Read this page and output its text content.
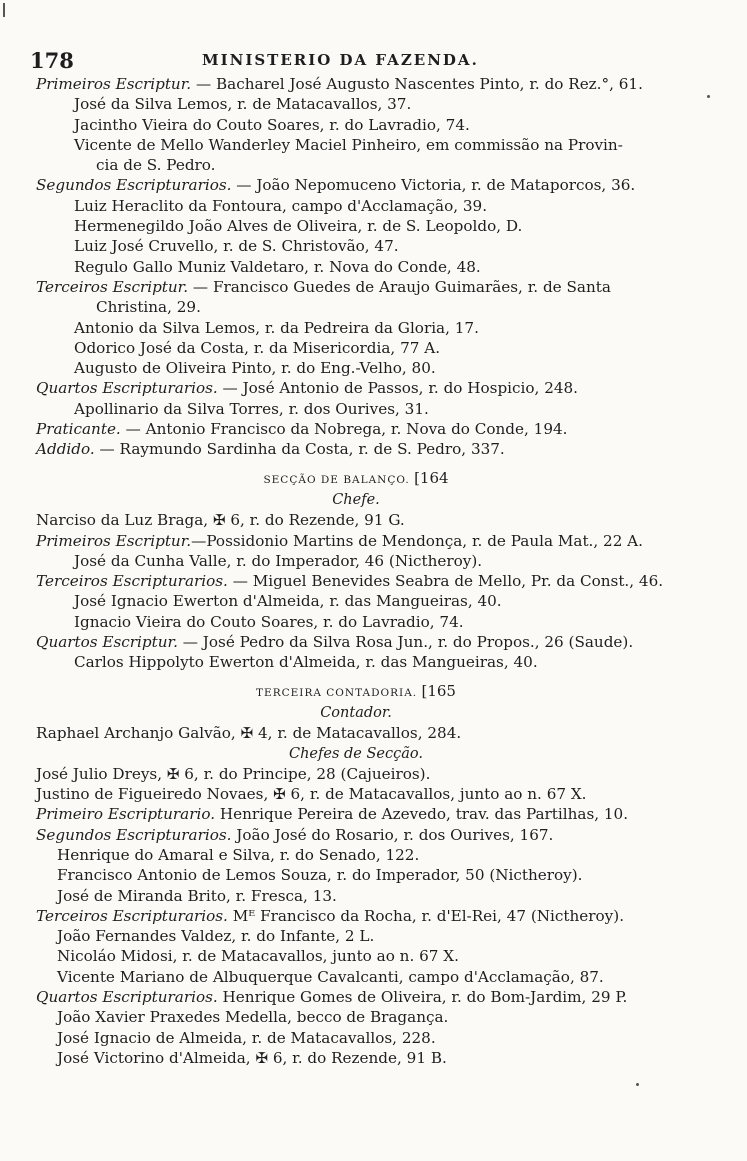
178	MINISTERIO DA FAZENDA.
Primeiros Escriptur. — Bacharel José Augusto Nascentes Pinto, r. do Rez.°, 61.
José da Silva Lemos, r. de Matacavallos, 37.
Jacintho Vieira do Couto Soares, r. do Lavradio, 74.
Vicente de Mello Wanderley Maciel Pinheiro, em commissão na Provin-
cia de S. Pedro.
Segundos Escripturarios. — João Nepomuceno Victoria, r. de Mataporcos, 36.
Luiz Heraclito da Fontoura, campo d'Acclamação, 39.
Hermenegildo João Alves de Oliveira, r. de S. Leopoldo, D.
Luiz José Cruvello, r. de S. Christovão, 47.
Regulo Gallo Muniz Valdetaro, r. Nova do Conde, 48.
Terceiros Escriptur. — Francisco Guedes de Araujo Guimarães, r. de Santa
Christina, 29.
Antonio da Silva Lemos, r. da Pedreira da Gloria, 17.
Odorico José da Costa, r. da Misericordia, 77 A.
Augusto de Oliveira Pinto, r. do Eng.-Velho, 80.
Quartos Escripturarios. — José Antonio de Passos, r. do Hospicio, 248.
Apollinario da Silva Torres, r. dos Ourives, 31.
Praticante. — Antonio Francisco da Nobrega, r. Nova do Conde, 194.
Addido. — Raymundo Sardinha da Costa, r. de S. Pedro, 337.
SECÇÃO DE BALANÇO. [164
Chefe.
Narciso da Luz Braga, ✠ 6, r. do Rezende, 91 G.
Primeiros Escriptur.—Possidonio Martins de Mendonça, r. de Paula Mat., 22 A.
José da Cunha Valle, r. do Imperador, 46 (Nictheroy).
Terceiros Escripturarios. — Miguel Benevides Seabra de Mello, Pr. da Const., 46.
José Ignacio Ewerton d'Almeida, r. das Mangueiras, 40.
Ignacio Vieira do Couto Soares, r. do Lavradio, 74.
Quartos Escriptur. — José Pedro da Silva Rosa Jun., r. do Propos., 26 (Saude).
Carlos Hippolyto Ewerton d'Almeida, r. das Mangueiras, 40.
TERCEIRA CONTADORIA. [165
Contador.
Raphael Archanjo Galvão, ✠ 4, r. de Matacavallos, 284.
Chefes de Secção.
José Julio Dreys, ✠ 6, r. do Principe, 28 (Cajueiros).
Justino de Figueiredo Novaes, ✠ 6, r. de Matacavallos, junto ao n. 67 X.
Primeiro Escripturario. Henrique Pereira de Azevedo, trav. das Partilhas, 10.
Segundos Escripturarios. João José do Rosario, r. dos Ourives, 167.
Henrique do Amaral e Silva, r. do Senado, 122.
Francisco Antonio de Lemos Souza, r. do Imperador, 50 (Nictheroy).
José de Miranda Brito, r. Fresca, 13.
Terceiros Escripturarios. Mᴱ Francisco da Rocha, r. d'El-Rei, 47 (Nictheroy).
João Fernandes Valdez, r. do Infante, 2 L.
Nicoláo Midosi, r. de Matacavallos, junto ao n. 67 X.
Vicente Mariano de Albuquerque Cavalcanti, campo d'Acclamação, 87.
Quartos Escripturarios. Henrique Gomes de Oliveira, r. do Bom-Jardim, 29 P.
João Xavier Praxedes Medella, becco de Bragança.
José Ignacio de Almeida, r. de Matacavallos, 228.
José Victorino d'Almeida, ✠ 6, r. do Rezende, 91 B.
